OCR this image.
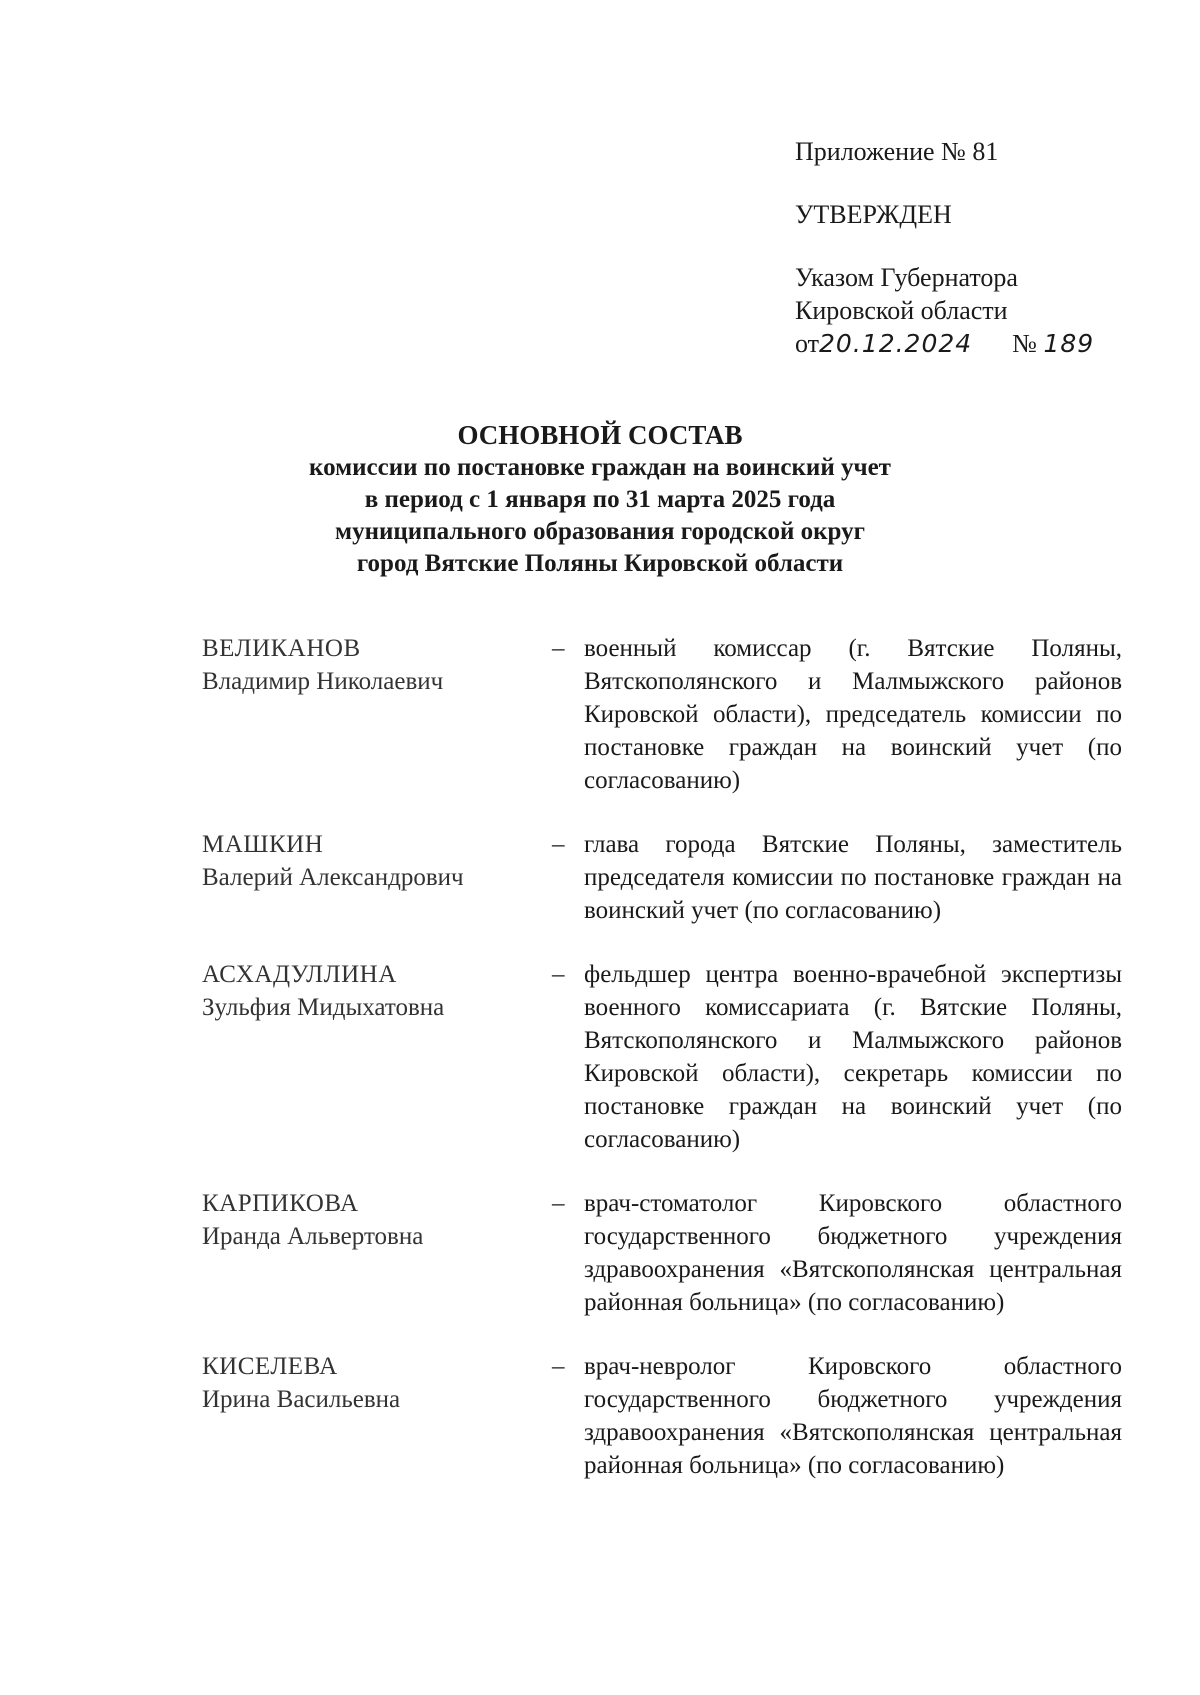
Приложение № 81
УТВЕРЖДЕН
Указом Губернатора
Кировской области
от20.12.2024 № 189
ОСНОВНОЙ СОСТАВ
комиссии по постановке граждан на воинский учет
в период с 1 января по 31 марта 2025 года
муниципального образования городской округ
город Вятские Поляны Кировской области
ВЕЛИКАНОВ
Владимир Николаевич
– военный комиссар (г. Вятские Поляны, Вятскополянского и Малмыжского районов Кировской области), председатель комиссии по постановке граждан на воинский учет (по согласованию)
МАШКИН
Валерий Александрович
– глава города Вятские Поляны, заместитель председателя комиссии по постановке граждан на воинский учет (по согласованию)
АСХАДУЛЛИНА
Зульфия Мидыхатовна
– фельдшер центра военно-врачебной экспертизы военного комиссариата (г. Вятские Поляны, Вятскополянского и Малмыжского районов Кировской области), секретарь комиссии по постановке граждан на воинский учет (по согласованию)
КАРПИКОВА
Иранда Альвертовна
– врач-стоматолог Кировского областного государственного бюджетного учреждения здравоохранения «Вятскополянская центральная районная больница» (по согласованию)
КИСЕЛЕВА
Ирина Васильевна
– врач-невролог Кировского областного государственного бюджетного учреждения здравоохранения «Вятскополянская центральная районная больница» (по согласованию)
